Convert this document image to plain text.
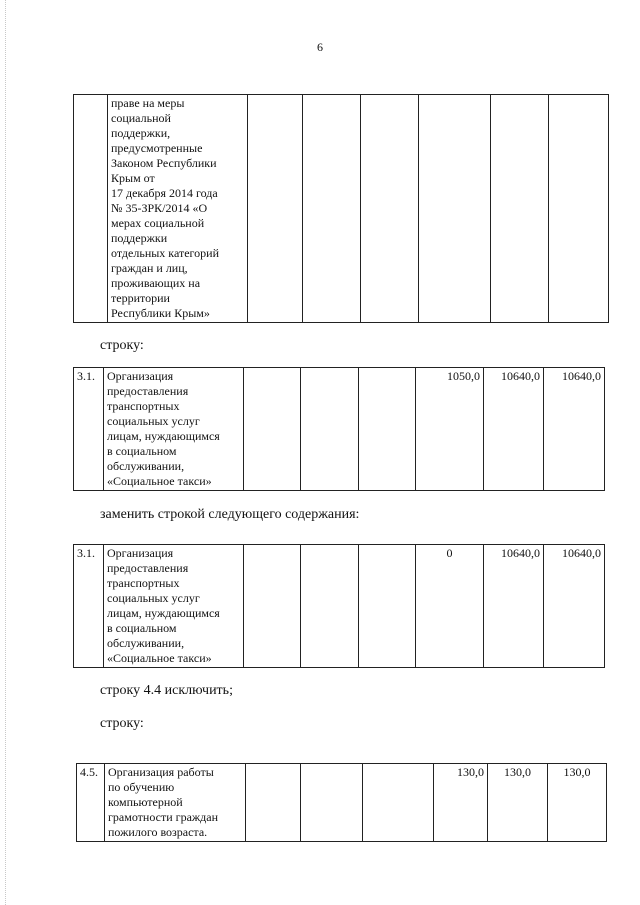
6

праве на меры
социальной
поддержки,
предусмотренные
Законом Республики
Крым от
17 декабря 2014 года
№ 35-ЗРК/2014 «О
мерах социальной
поддержки
отдельных категорий
граждан и лиц,
проживающих на
территории
Республики Крым»

строку:
3.1.	Организация
предоставления
транспортных
социальных услуг
лицам, нуждающимся
в социальном
обслуживании,
«Социальное такси»
				1050,0	10640,0	10640,0
заменить строкой следующего содержания:
3.1.	Организация
предоставления
транспортных
социальных услуг
лицам, нуждающимся
в социальном
обслуживании,
«Социальное такси»
				0	10640,0	10640,0
строку 4.4 исключить;
строку:
4.5.	Организация работы
по обучению
компьютерной
грамотности граждан
пожилого возраста.
				130,0	130,0	130,0
